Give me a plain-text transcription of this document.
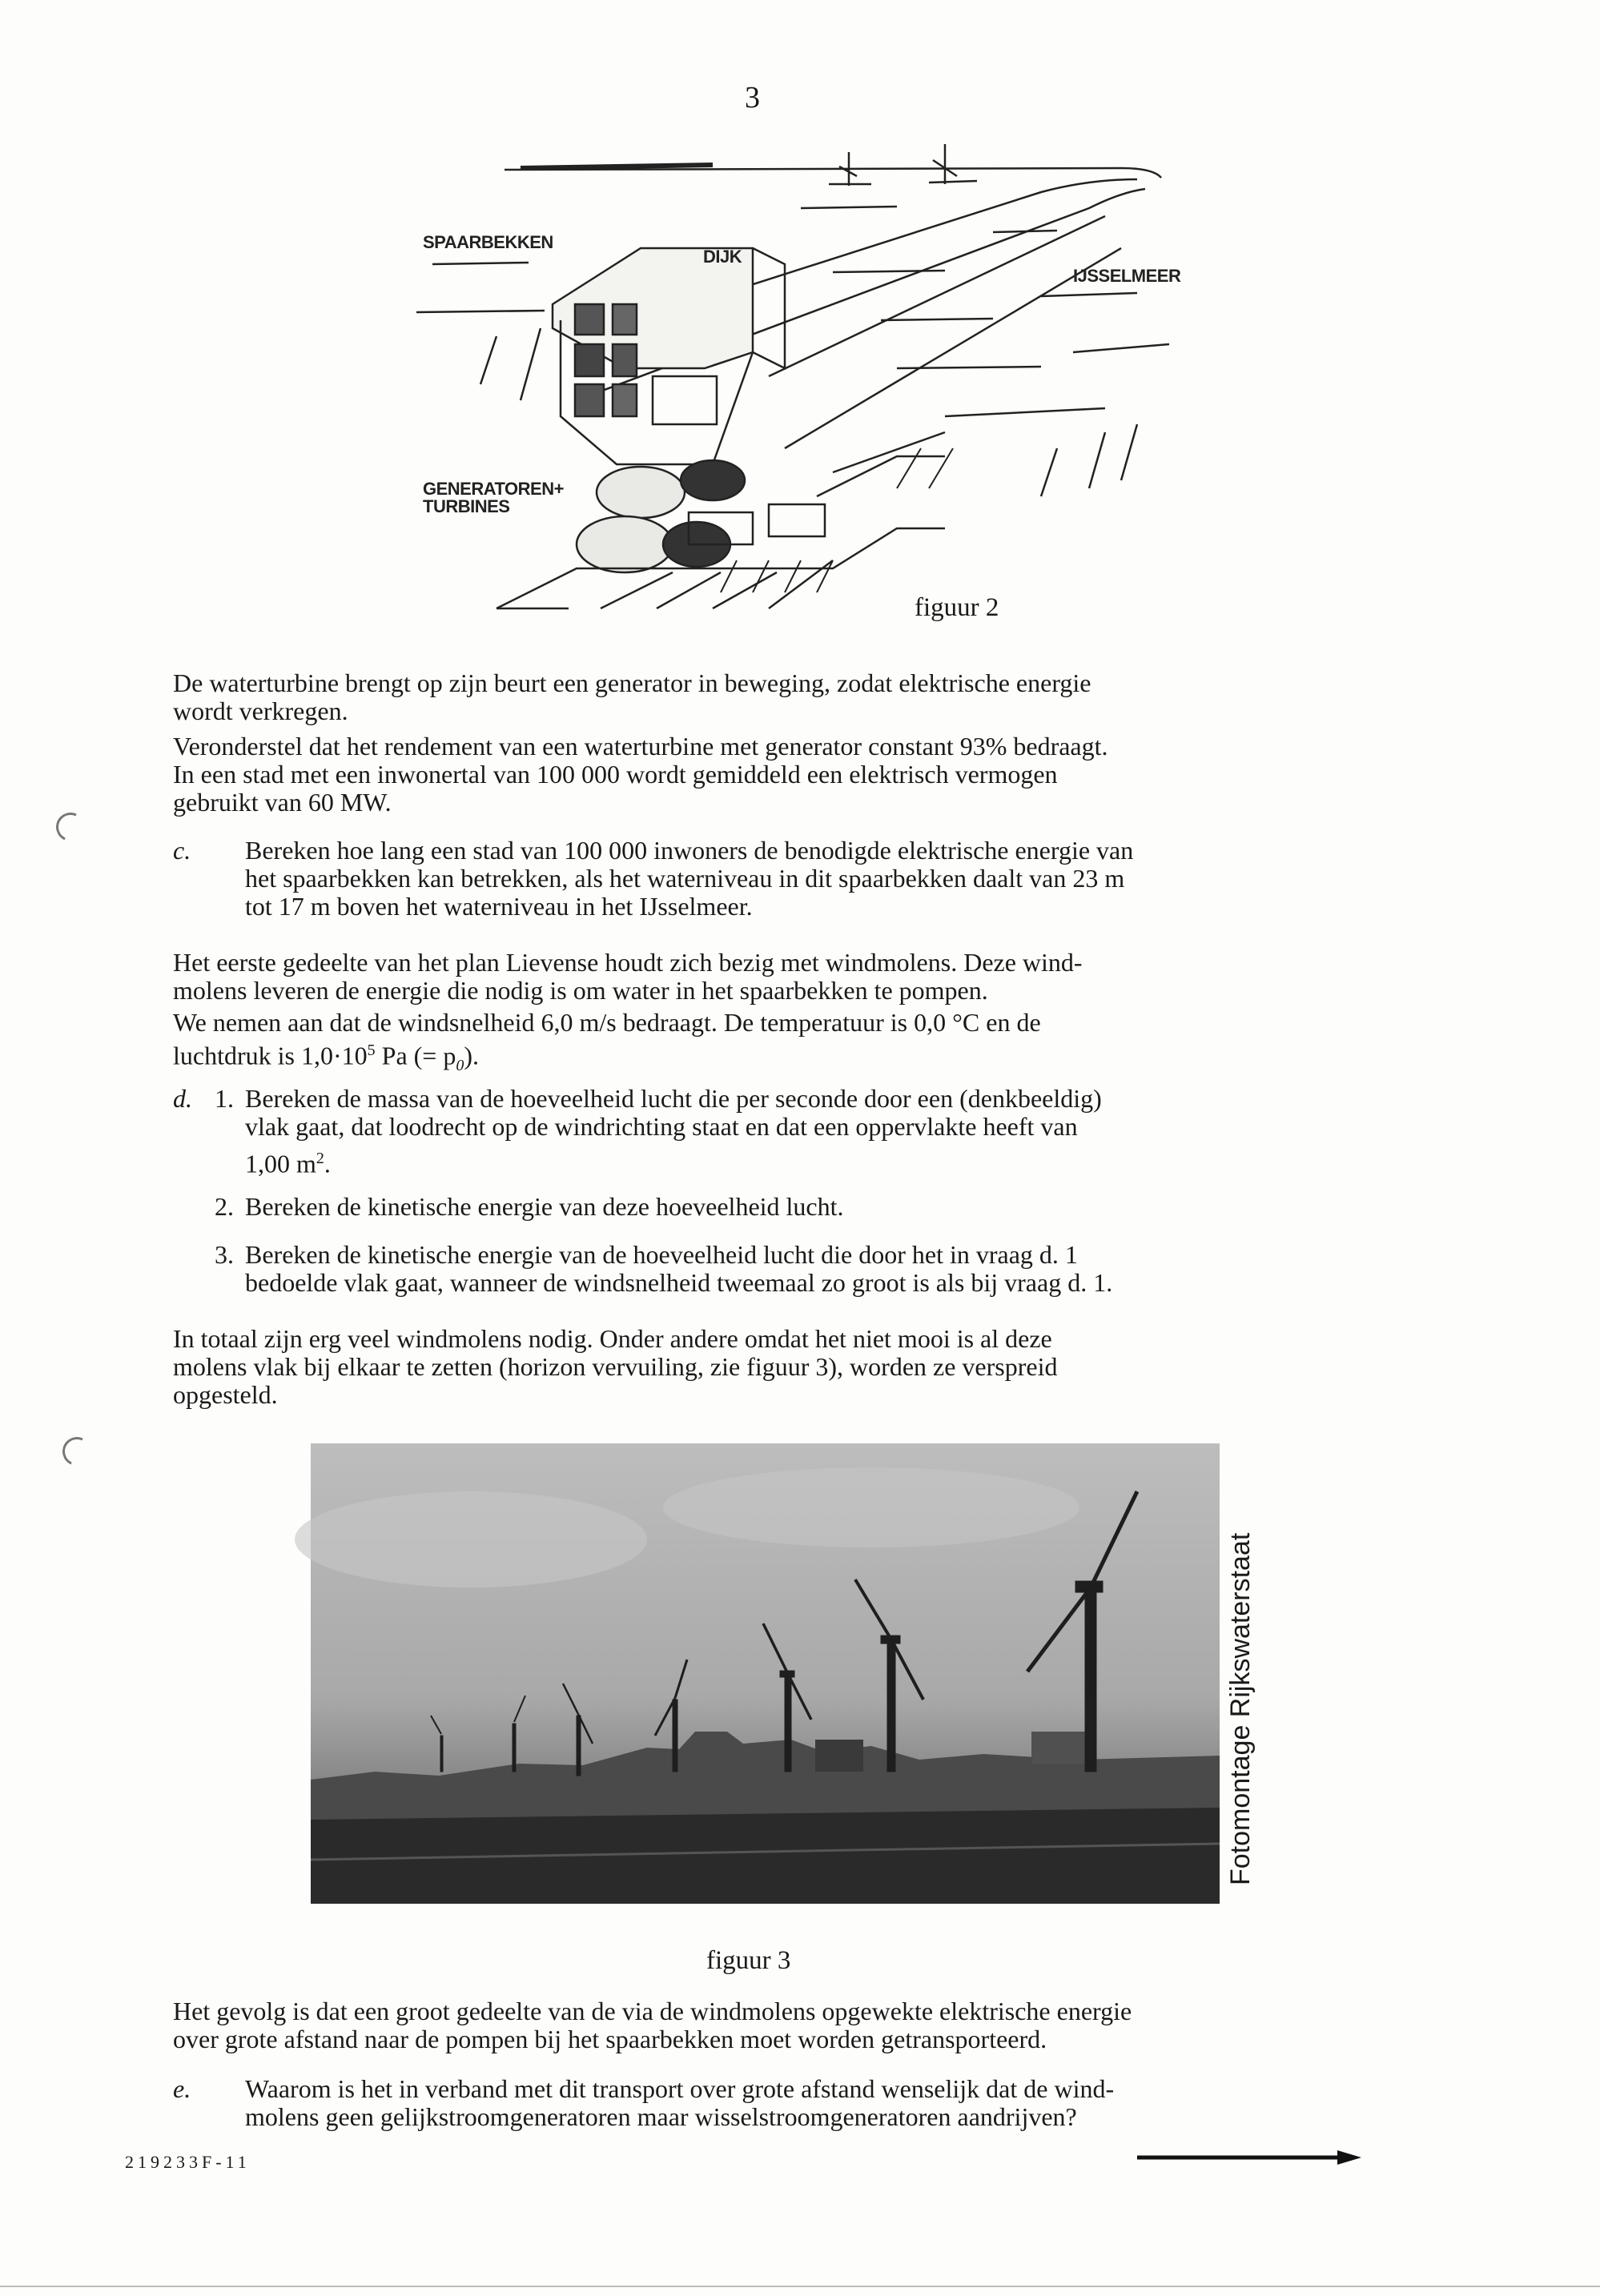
3
SPAARBEKKEN
DIJK
IJSSELMEER
GENERATOREN+
TURBINES
figuur 2
De waterturbine brengt op zijn beurt een generator in beweging, zodat elektrische energie
wordt verkregen.
Veronderstel dat het rendement van een waterturbine met generator constant 93% bedraagt.
In een stad met een inwonertal van 100 000 wordt gemiddeld een elektrisch vermogen
gebruikt van 60 MW.
c. Bereken hoe lang een stad van 100 000 inwoners de benodigde elektrische energie van
het spaarbekken kan betrekken, als het waterniveau in dit spaarbekken daalt van 23 m
tot 17 m boven het waterniveau in het IJsselmeer.
Het eerste gedeelte van het plan Lievense houdt zich bezig met windmolens. Deze wind-
molens leveren de energie die nodig is om water in het spaarbekken te pompen.
We nemen aan dat de windsnelheid 6,0 m/s bedraagt. De temperatuur is 0,0 °C en de
luchtdruk is $1,0\cdot 10^5$ Pa (= $p_0$).
d. 1. Bereken de massa van de hoeveelheid lucht die per seconde door een (denkbeeldig)
vlak gaat, dat loodrecht op de windrichting staat en dat een oppervlakte heeft van
1,00 $m^2$.
2. Bereken de kinetische energie van deze hoeveelheid lucht.
3. Bereken de kinetische energie van de hoeveelheid lucht die door het in vraag d. 1
bedoelde vlak gaat, wanneer de windsnelheid tweemaal zo groot is als bij vraag d. 1.
In totaal zijn erg veel windmolens nodig. Onder andere omdat het niet mooi is al deze
molens vlak bij elkaar te zetten (horizon vervuiling, zie figuur 3), worden ze verspreid
opgesteld.
Fotomontage Rijkswaterstaat
figuur 3
Het gevolg is dat een groot gedeelte van de via de windmolens opgewekte elektrische energie
over grote afstand naar de pompen bij het spaarbekken moet worden getransporteerd.
e. Waarom is het in verband met dit transport over grote afstand wenselijk dat de wind-
molens geen gelijkstroomgeneratoren maar wisselstroomgeneratoren aandrijven?
219233F-11
